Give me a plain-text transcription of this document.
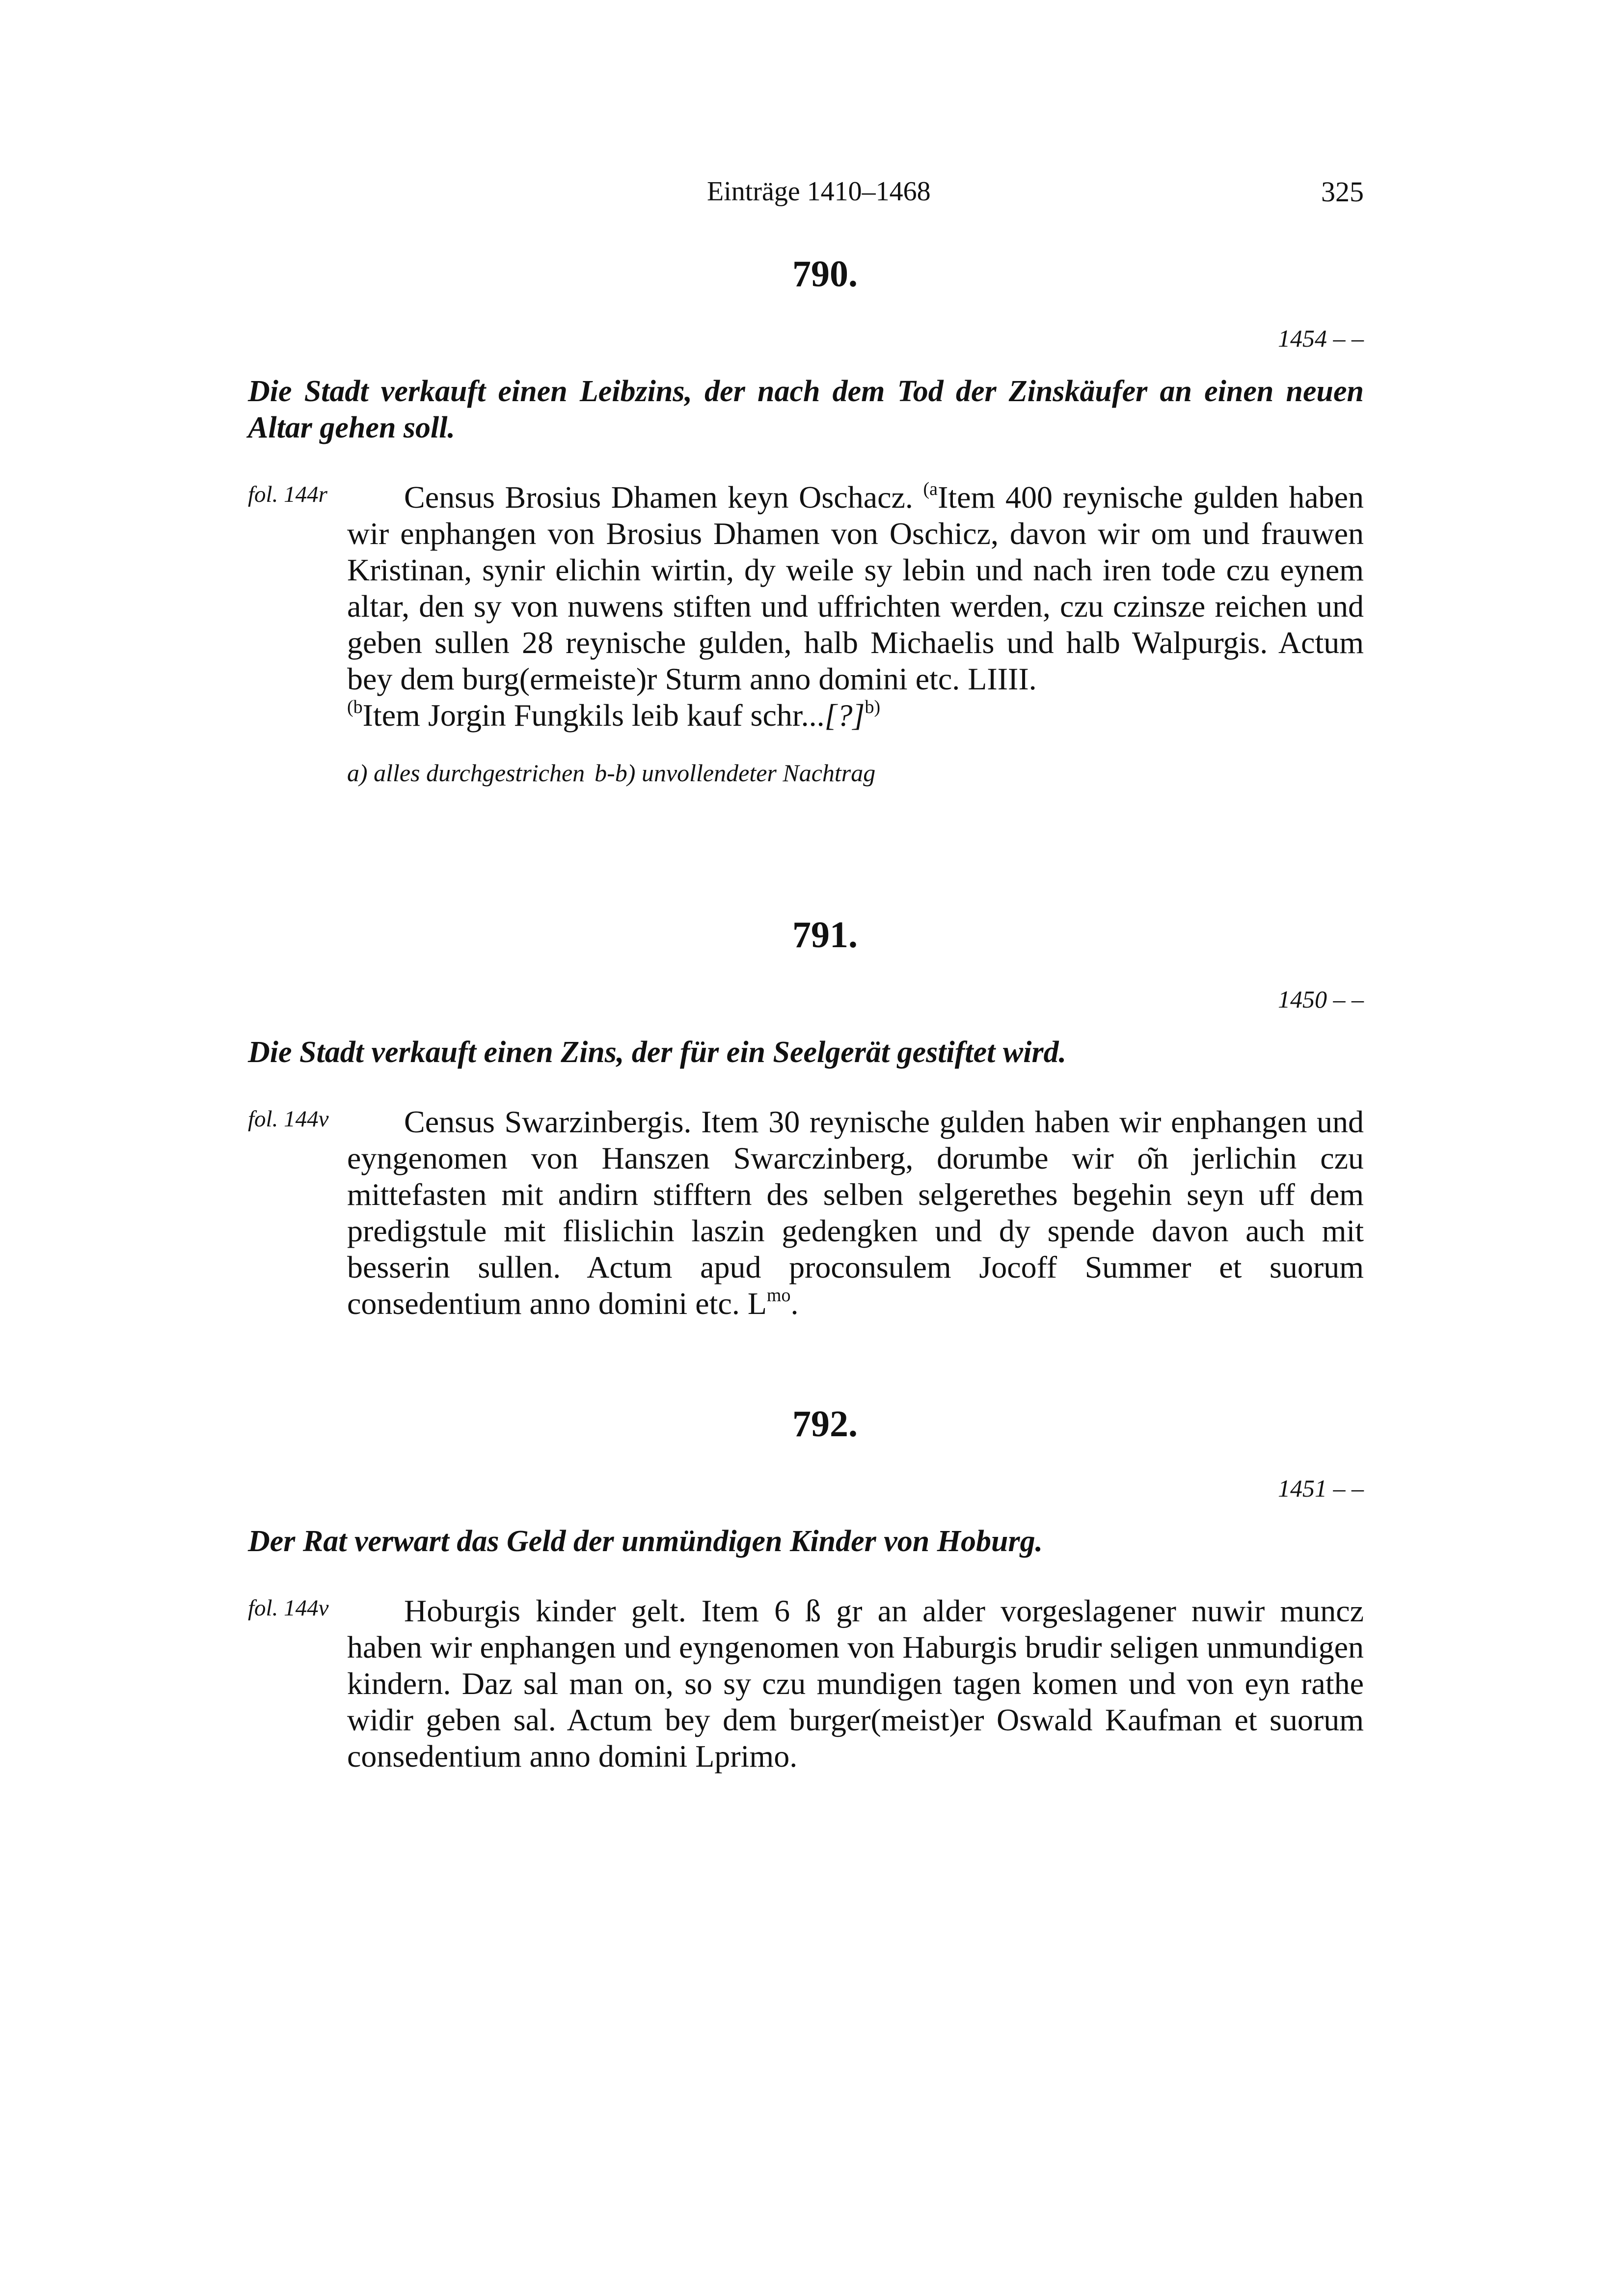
Einträge 1410–1468	325
790.
1454 – –
Die Stadt verkauft einen Leibzins, der nach dem Tod der Zinskäufer an einen neuen Altar gehen soll.
fol. 144r	Census Brosius Dhamen keyn Oschacz. $^{(a}$Item 400 reynische gulden haben wir enphangen von Brosius Dhamen von Oschicz, davon wir om und frauwen Kristinan, synir elichin wirtin, dy weile sy lebin und nach iren tode czu eynem altar, den sy von nuwens stiften und uffrichten werden, czu czinsze reichen und geben sullen 28 reynische gulden, halb Michaelis und halb Walpurgis. Actum bey dem burg(ermeiste)r Sturm anno domini etc. LIIII.
$^{(b}$Item Jorgin Fungkils leib kauf schr...[?]$^{b)}$
a) alles durchgestrichen b-b) unvollendeter Nachtrag
791.
1450 – –
Die Stadt verkauft einen Zins, der für ein Seelgerät gestiftet wird.
fol. 144v	Census Swarzinbergis. Item 30 reynische gulden haben wir enphangen und eyngenomen von Hanszen Swarczinberg, dorumbe wir o͂n jerlichin czu mittefasten mit andirn stifftern des selben selgerethes begehin seyn uff dem predigstule mit flislichin laszin gedengken und dy spende davon auch mit besserin sullen. Actum apud proconsulem Jocoff Summer et suorum consedentium anno domini etc. $L^{mo}$.
792.
1451 – –
Der Rat verwart das Geld der unmündigen Kinder von Hoburg.
fol. 144v	Hoburgis kinder gelt. Item 6 ß gr an alder vorgeslagener nuwir muncz haben wir enphangen und eyngenomen von Haburgis brudir seligen unmundigen kindern. Daz sal man on, so sy czu mundigen tagen komen und von eyn rathe widir geben sal. Actum bey dem burger(meist)er Oswald Kaufman et suorum consedentium anno domini Lprimo.
